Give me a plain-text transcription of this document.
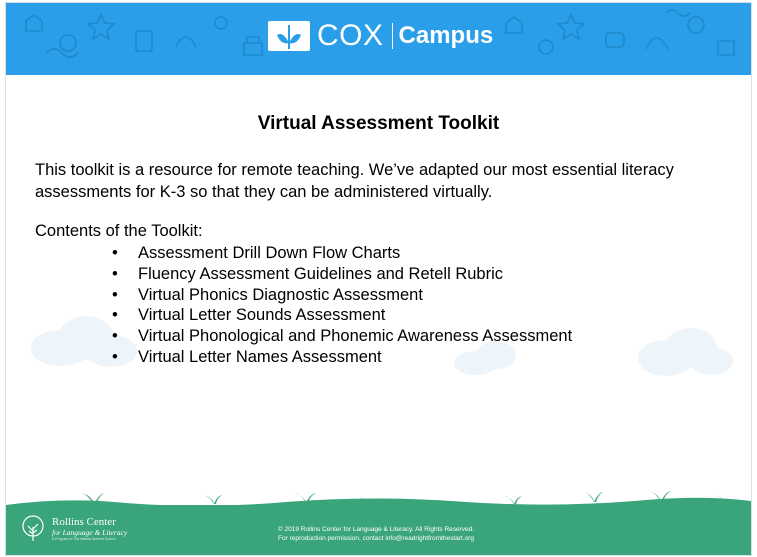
COX Campus
Virtual Assessment Toolkit
This toolkit is a resource for remote teaching. We’ve adapted our most essential literacy assessments for K-3 so that they can be administered virtually.
Contents of the Toolkit:
•	Assessment Drill Down Flow Charts
•	Fluency Assessment Guidelines and Retell Rubric
•	Virtual Phonics Diagnostic Assessment
•	Virtual Letter Sounds Assessment
•	Virtual Phonological and Phonemic Awareness Assessment
•	Virtual Letter Names Assessment
Rollins Center
for Language & Literacy
A Program of The Atlanta Speech School
© 2019 Rollins Center for Language & Literacy. All Rights Reserved.
For reproduction permission, contact info@readrightfromthestart.org
